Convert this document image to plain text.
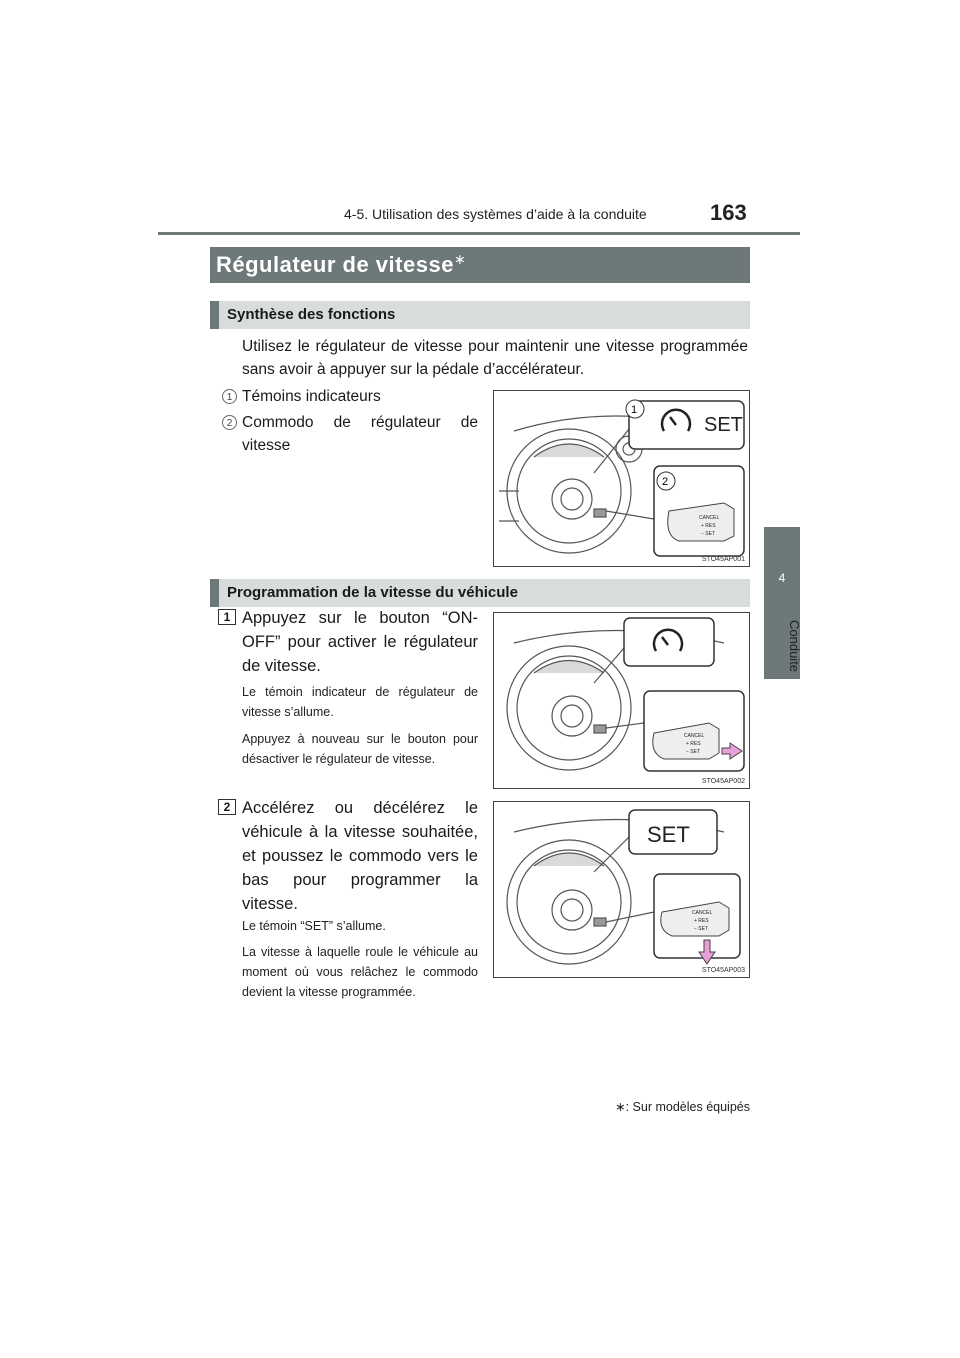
4-5. Utilisation des systèmes d’aide à la conduite	163
4
Conduite
Régulateur de vitesse∗
Synthèse des fonctions
Utilisez le régulateur de vitesse pour maintenir une vitesse programmée sans avoir à appuyer sur la pédale d’accélérateur.
1 Témoins indicateurs
2 Commodo de régulateur de vitesse
1
SET
2
CANCEL
+ RES
− SET
STO45AP001
Programmation de la vitesse du véhicule
1 Appuyez sur le bouton “ON-OFF” pour activer le régulateur de vitesse.
Le témoin indicateur de régulateur de vitesse s’allume.
Appuyez à nouveau sur le bouton pour désactiver le régulateur de vitesse.
CANCEL
+ RES
− SET
STO45AP002
2 Accélérez ou décélérez le véhicule à la vitesse souhaitée, et poussez le commodo vers le bas pour programmer la vitesse.
Le témoin “SET” s’allume.
La vitesse à laquelle roule le véhicule au moment où vous relâchez le commodo devient la vitesse programmée.
SET
CANCEL
+ RES
− SET
STO45AP003
∗: Sur modèles équipés
